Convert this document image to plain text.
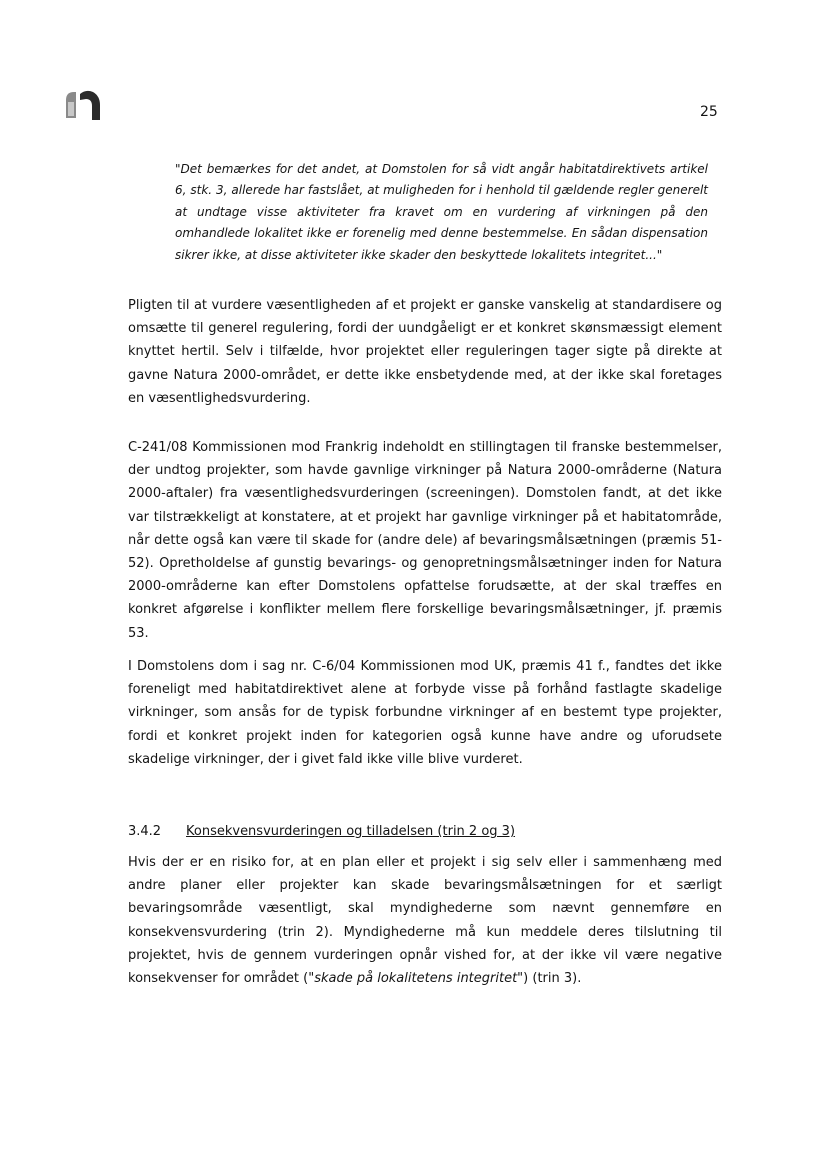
25
"Det bemærkes for det andet, at Domstolen for så vidt angår habitatdirektivets artikel 6, stk. 3, allerede har fastslået, at muligheden for i henhold til gældende regler generelt at undtage visse aktiviteter fra kravet om en vurdering af virkningen på den omhandlede lokalitet ikke er forenelig med denne bestemmelse. En sådan dispensation sikrer ikke, at disse aktiviteter ikke skader den beskyttede lokalitets integritet..."
Pligten til at vurdere væsentligheden af et projekt er ganske vanskelig at standardisere og omsætte til generel regulering, fordi der uundgåeligt er et konkret skønsmæssigt element knyttet hertil. Selv i tilfælde, hvor projektet eller reguleringen tager sigte på direkte at gavne Natura 2000-området, er dette ikke ensbetydende med, at der ikke skal foretages en væsentlighedsvurdering.
C-241/08 Kommissionen mod Frankrig indeholdt en stillingtagen til franske bestemmelser, der undtog projekter, som havde gavnlige virkninger på Natura 2000-områderne (Natura 2000-aftaler) fra væsentlighedsvurderingen (screeningen). Domstolen fandt, at det ikke var tilstrækkeligt at konstatere, at et projekt har gavnlige virkninger på et habitatområde, når dette også kan være til skade for (andre dele) af bevaringsmålsætningen (præmis 51-52). Opretholdelse af gunstig bevarings- og genopretningsmålsætninger inden for Natura 2000-områderne kan efter Domstolens opfattelse forudsætte, at der skal træffes en konkret afgørelse i konflikter mellem flere forskellige bevaringsmålsætninger, jf. præmis 53.
I Domstolens dom i sag nr. C-6/04 Kommissionen mod UK, præmis 41 f., fandtes det ikke foreneligt med habitatdirektivet alene at forbyde visse på forhånd fastlagte skadelige virkninger, som ansås for de typisk forbundne virkninger af en bestemt type projekter, fordi et konkret projekt inden for kategorien også kunne have andre og uforudsete skadelige virkninger, der i givet fald ikke ville blive vurderet.
3.4.2 Konsekvensvurderingen og tilladelsen (trin 2 og 3)
Hvis der er en risiko for, at en plan eller et projekt i sig selv eller i sammenhæng med andre planer eller projekter kan skade bevaringsmålsætningen for et særligt bevaringsområde væsentligt, skal myndighederne som nævnt gennemføre en konsekvensvurdering (trin 2). Myndighederne må kun meddele deres tilslutning til projektet, hvis de gennem vurderingen opnår vished for, at der ikke vil være negative konsekvenser for området ("skade på lokalitetens integritet") (trin 3).
